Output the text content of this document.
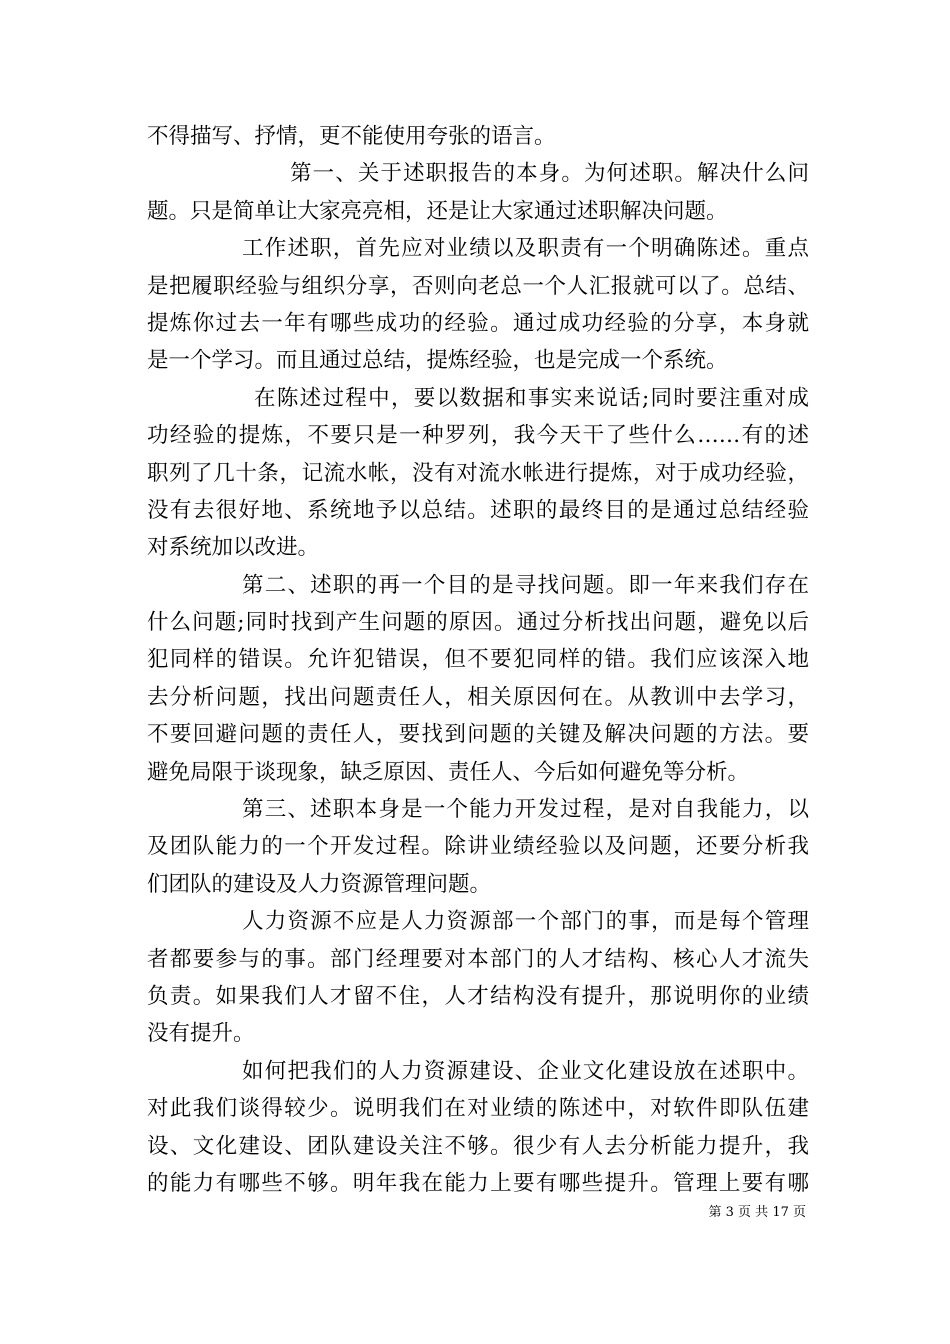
不得描写、抒情，更不能使用夸张的语言。
第一、关于述职报告的本身。为何述职。解决什么问
题。只是简单让大家亮亮相，还是让大家通过述职解决问题。
工作述职，首先应对业绩以及职责有一个明确陈述。重点
是把履职经验与组织分享，否则向老总一个人汇报就可以了。总结、
提炼你过去一年有哪些成功的经验。通过成功经验的分享，本身就
是一个学习。而且通过总结，提炼经验，也是完成一个系统。
在陈述过程中，要以数据和事实来说话;同时要注重对成
功经验的提炼，不要只是一种罗列，我今天干了些什么……有的述
职列了几十条，记流水帐，没有对流水帐进行提炼，对于成功经验，
没有去很好地、系统地予以总结。述职的最终目的是通过总结经验
对系统加以改进。
第二、述职的再一个目的是寻找问题。即一年来我们存在
什么问题;同时找到产生问题的原因。通过分析找出问题，避免以后
犯同样的错误。允许犯错误，但不要犯同样的错。我们应该深入地
去分析问题，找出问题责任人，相关原因何在。从教训中去学习，
不要回避问题的责任人，要找到问题的关键及解决问题的方法。要
避免局限于谈现象，缺乏原因、责任人、今后如何避免等分析。
第三、述职本身是一个能力开发过程，是对自我能力，以
及团队能力的一个开发过程。除讲业绩经验以及问题，还要分析我
们团队的建设及人力资源管理问题。
人力资源不应是人力资源部一个部门的事，而是每个管理
者都要参与的事。部门经理要对本部门的人才结构、核心人才流失
负责。如果我们人才留不住，人才结构没有提升，那说明你的业绩
没有提升。
如何把我们的人力资源建设、企业文化建设放在述职中。
对此我们谈得较少。说明我们在对业绩的陈述中，对软件即队伍建
设、文化建设、团队建设关注不够。很少有人去分析能力提升，我
的能力有哪些不够。明年我在能力上要有哪些提升。管理上要有哪
第 3 页 共 17 页
